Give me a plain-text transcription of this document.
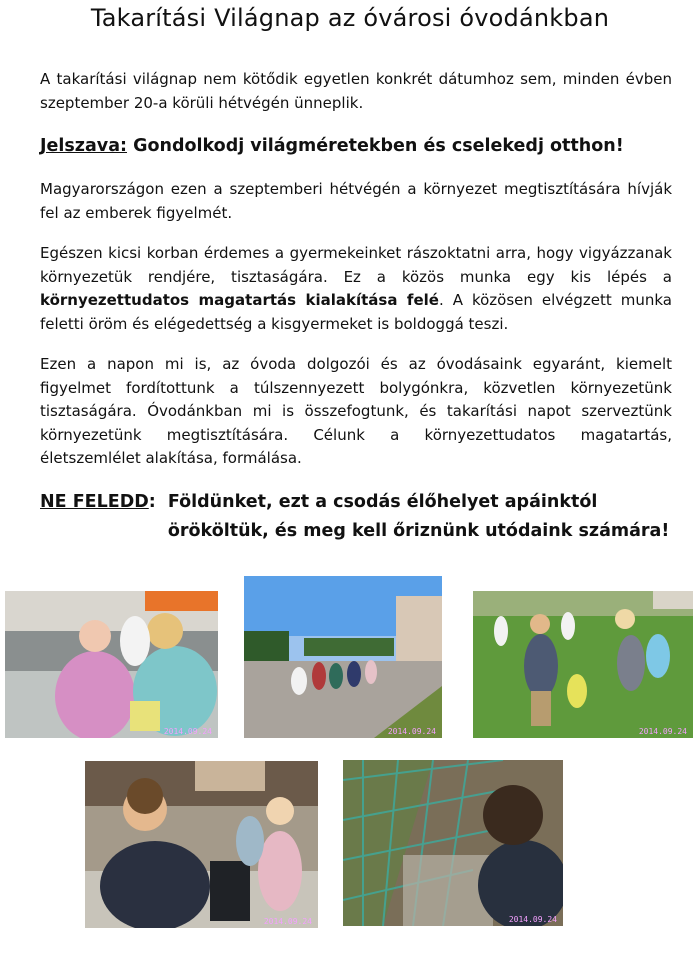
Takarítási Világnap az óvárosi óvodánkban
A takarítási világnap nem kötődik egyetlen konkrét dátumhoz sem, minden évben szeptember 20-a körüli hétvégén ünneplik.
Jelszava: Gondolkodj világméretekben és cselekedj otthon!
Magyarországon ezen a szeptemberi hétvégén a környezet megtisztítására hívják fel az emberek figyelmét.
Egészen kicsi korban érdemes a gyermekeinket rászoktatni arra, hogy vigyázzanak környezetük rendjére, tisztaságára. Ez a közös munka egy kis lépés a környezettudatos magatartás kialakítása felé. A közösen elvégzett munka feletti öröm és elégedettség a kisgyermeket is boldoggá teszi.
Ezen a napon mi is, az óvoda dolgozói és az óvodásaink egyaránt, kiemelt figyelmet fordítottunk a túlszennyezett bolygónkra, közvetlen környezetünk tisztaságára. Óvodánkban mi is összefogtunk, és takarítási napot szerveztünk környezetünk megtisztítására. Célunk a környezettudatos magatartás, életszemlélet alakítása, formálása.
NE FELEDD: Földünket, ezt a csodás élőhelyet apáinktól
örököltük, és meg kell őriznünk utódaink számára!
2014.09.24	2014.09.24	2014.09.24
2014.09.24	2014.09.24
